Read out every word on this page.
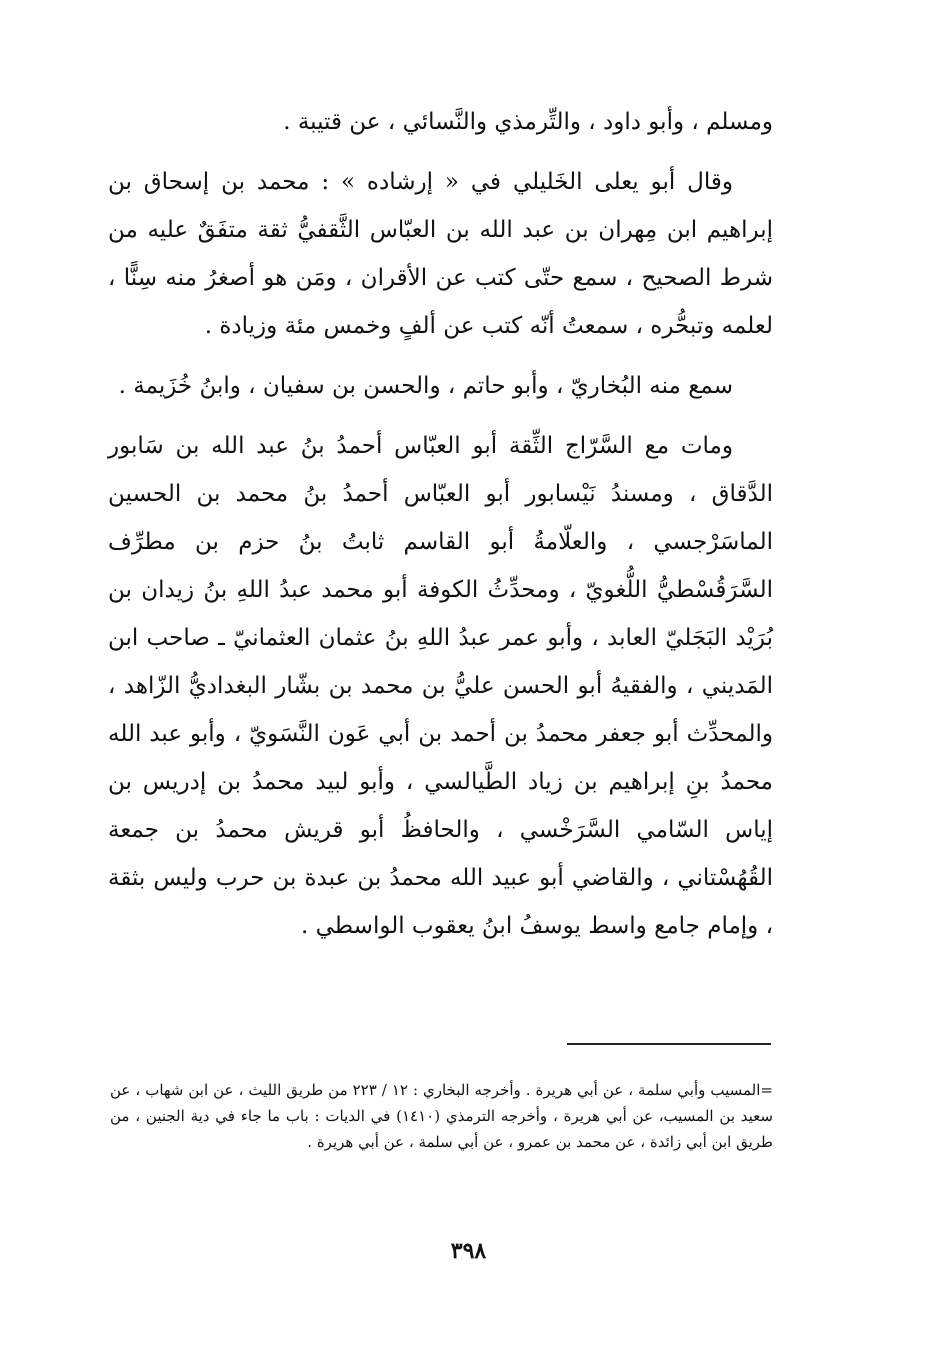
ومسلم ، وأبو داود ، والتِّرمذي والنَّسائي ، عن قتيبة .

وقال أبو يعلى الخَليلي في « إرشاده » : محمد بن إسحاق بن إبراهيم ابن مِهران بن عبد الله بن العبّاس الثَّقفيُّ ثقة متفَقٌ عليه من شرط الصحيح ، سمع حتّى كتب عن الأقران ، ومَن هو أصغرُ منه سِنًّا ، لعلمه وتبحُّره ، سمعتُ أنّه كتب عن ألفٍ وخمس مئة وزيادة .

سمع منه البُخاريّ ، وأبو حاتم ، والحسن بن سفيان ، وابنُ خُزَيمة .

ومات مع السَّرّاج الثِّقة أبو العبّاس أحمدُ بنُ عبد الله بن سَابور الدَّقاق ، ومسندُ نَيْسابور أبو العبّاس أحمدُ بنُ محمد بن الحسين الماسَرْجسي ، والعلّامةُ أبو القاسم ثابتُ بنُ حزم بن مطرِّف السَّرَقُسْطيُّ اللُّغويّ ، ومحدِّثُ الكوفة أبو محمد عبدُ اللهِ بنُ زيدان بن بُرَيْد البَجَليّ العابد ، وأبو عمر عبدُ اللهِ بنُ عثمان العثمانيّ ـ صاحب ابن المَديني ، والفقيهُ أبو الحسن عليُّ بن محمد بن بشّار البغداديُّ الزّاهد ، والمحدِّث أبو جعفر محمدُ بن أحمد بن أبي عَون النَّسَويّ ، وأبو عبد الله محمدُ بنِ إبراهيم بن زياد الطَّيالسي ، وأبو لبيد محمدُ بن إدريس بن إياس السّامي السَّرَخْسي ، والحافظُ أبو قريش محمدُ بن جمعة القُهُسْتاني ، والقاضي أبو عبيد الله محمدُ بن عبدة بن حرب وليس بثقة ، وإمام جامع واسط يوسفُ ابنُ يعقوب الواسطي .

=المسيب وأبي سلمة ، عن أبي هريرة . وأخرجه البخاري : ١٢ / ٢٢٣ من طريق الليث ، عن ابن شهاب ، عن سعيد بن المسيب، عن أبي هريرة ، وأخرجه الترمذي (١٤١٠) في الديات : باب ما جاء في دية الجنين ، من طريق ابن أبي زائدة ، عن محمد بن عمرو ، عن أبي سلمة ، عن أبي هريرة .
٣٩٨
